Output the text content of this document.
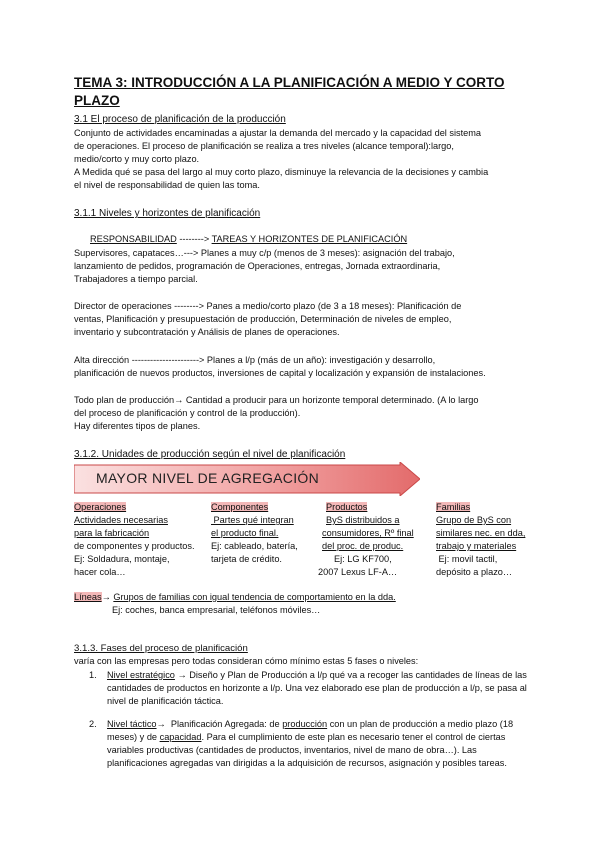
TEMA 3: INTRODUCCIÓN A LA PLANIFICACIÓN A MEDIO Y CORTO
PLAZO
3.1 El proceso de planificación de la producción
Conjunto de actividades encaminadas a ajustar la demanda del mercado y la capacidad del sistema
de operaciones. El proceso de planificación se realiza a tres niveles (alcance temporal):largo,
medio/corto y muy corto plazo.
A Medida qué se pasa del largo al muy corto plazo, disminuye la relevancia de la decisiones y cambia
el nivel de responsabilidad de quien las toma.
3.1.1 Niveles y horizontes de planificación
RESPONSABILIDAD --------> TAREAS Y HORIZONTES DE PLANIFICACIÓN
Supervisores, capataces…---> Planes a muy c/p (menos de 3 meses): asignación del trabajo,
lanzamiento de pedidos, programación de Operaciones, entregas, Jornada extraordinaria,
Trabajadores a tiempo parcial.
Director de operaciones --------> Panes a medio/corto plazo (de 3 a 18 meses): Planificación de
ventas, Planificación y presupuestación de producción, Determinación de niveles de empleo,
inventario y subcontratación y Análisis de planes de operaciones.
Alta dirección ----------------------> Planes a l/p (más de un año): investigación y desarrollo,
planificación de nuevos productos, inversiones de capital y localización y expansión de instalaciones.
Todo plan de producción→ Cantidad a producir para un horizonte temporal determinado. (A lo largo
del proceso de planificación y control de la producción).
Hay diferentes tipos de planes.
3.1.2. Unidades de producción según el nivel de planificación
MAYOR NIVEL DE AGREGACIÓN
Operaciones
Actividades necesarias
para la fabricación
de componentes y productos.
Ej: Soldadura, montaje,
hacer cola…
Componentes
Partes qué integran
el producto final.
Ej: cableado, batería,
tarjeta de crédito.
Productos
ByS distribuidos a
consumidores, Rº final
del proc. de produc.
Ej: LG KF700,
2007 Lexus LF-A…
Familias
Grupo de ByS con
similares nec. en dda,
trabajo y materiales
Ej: movil tactil,
depósito a plazo…
Líneas→ Grupos de familias con igual tendencia de comportamiento en la dda.
Ej: coches, banca empresarial, teléfonos móviles…
3.1.3. Fases del proceso de planificación
varía con las empresas pero todas consideran cómo mínimo estas 5 fases o niveles:
1. Nivel estratégico → Diseño y Plan de Producción a l/p qué va a recoger las cantidades de líneas de las
cantidades de productos en horizonte a l/p. Una vez elaborado ese plan de producción a l/p, se pasa al
nivel de planificación táctica.
2. Nivel táctico→  Planificación Agregada: de producción con un plan de producción a medio plazo (18
meses) y de capacidad. Para el cumplimiento de este plan es necesario tener el control de ciertas
variables productivas (cantidades de productos, inventarios, nivel de mano de obra…). Las
planificaciones agregadas van dirigidas a la adquisición de recursos, asignación y posibles tareas.
